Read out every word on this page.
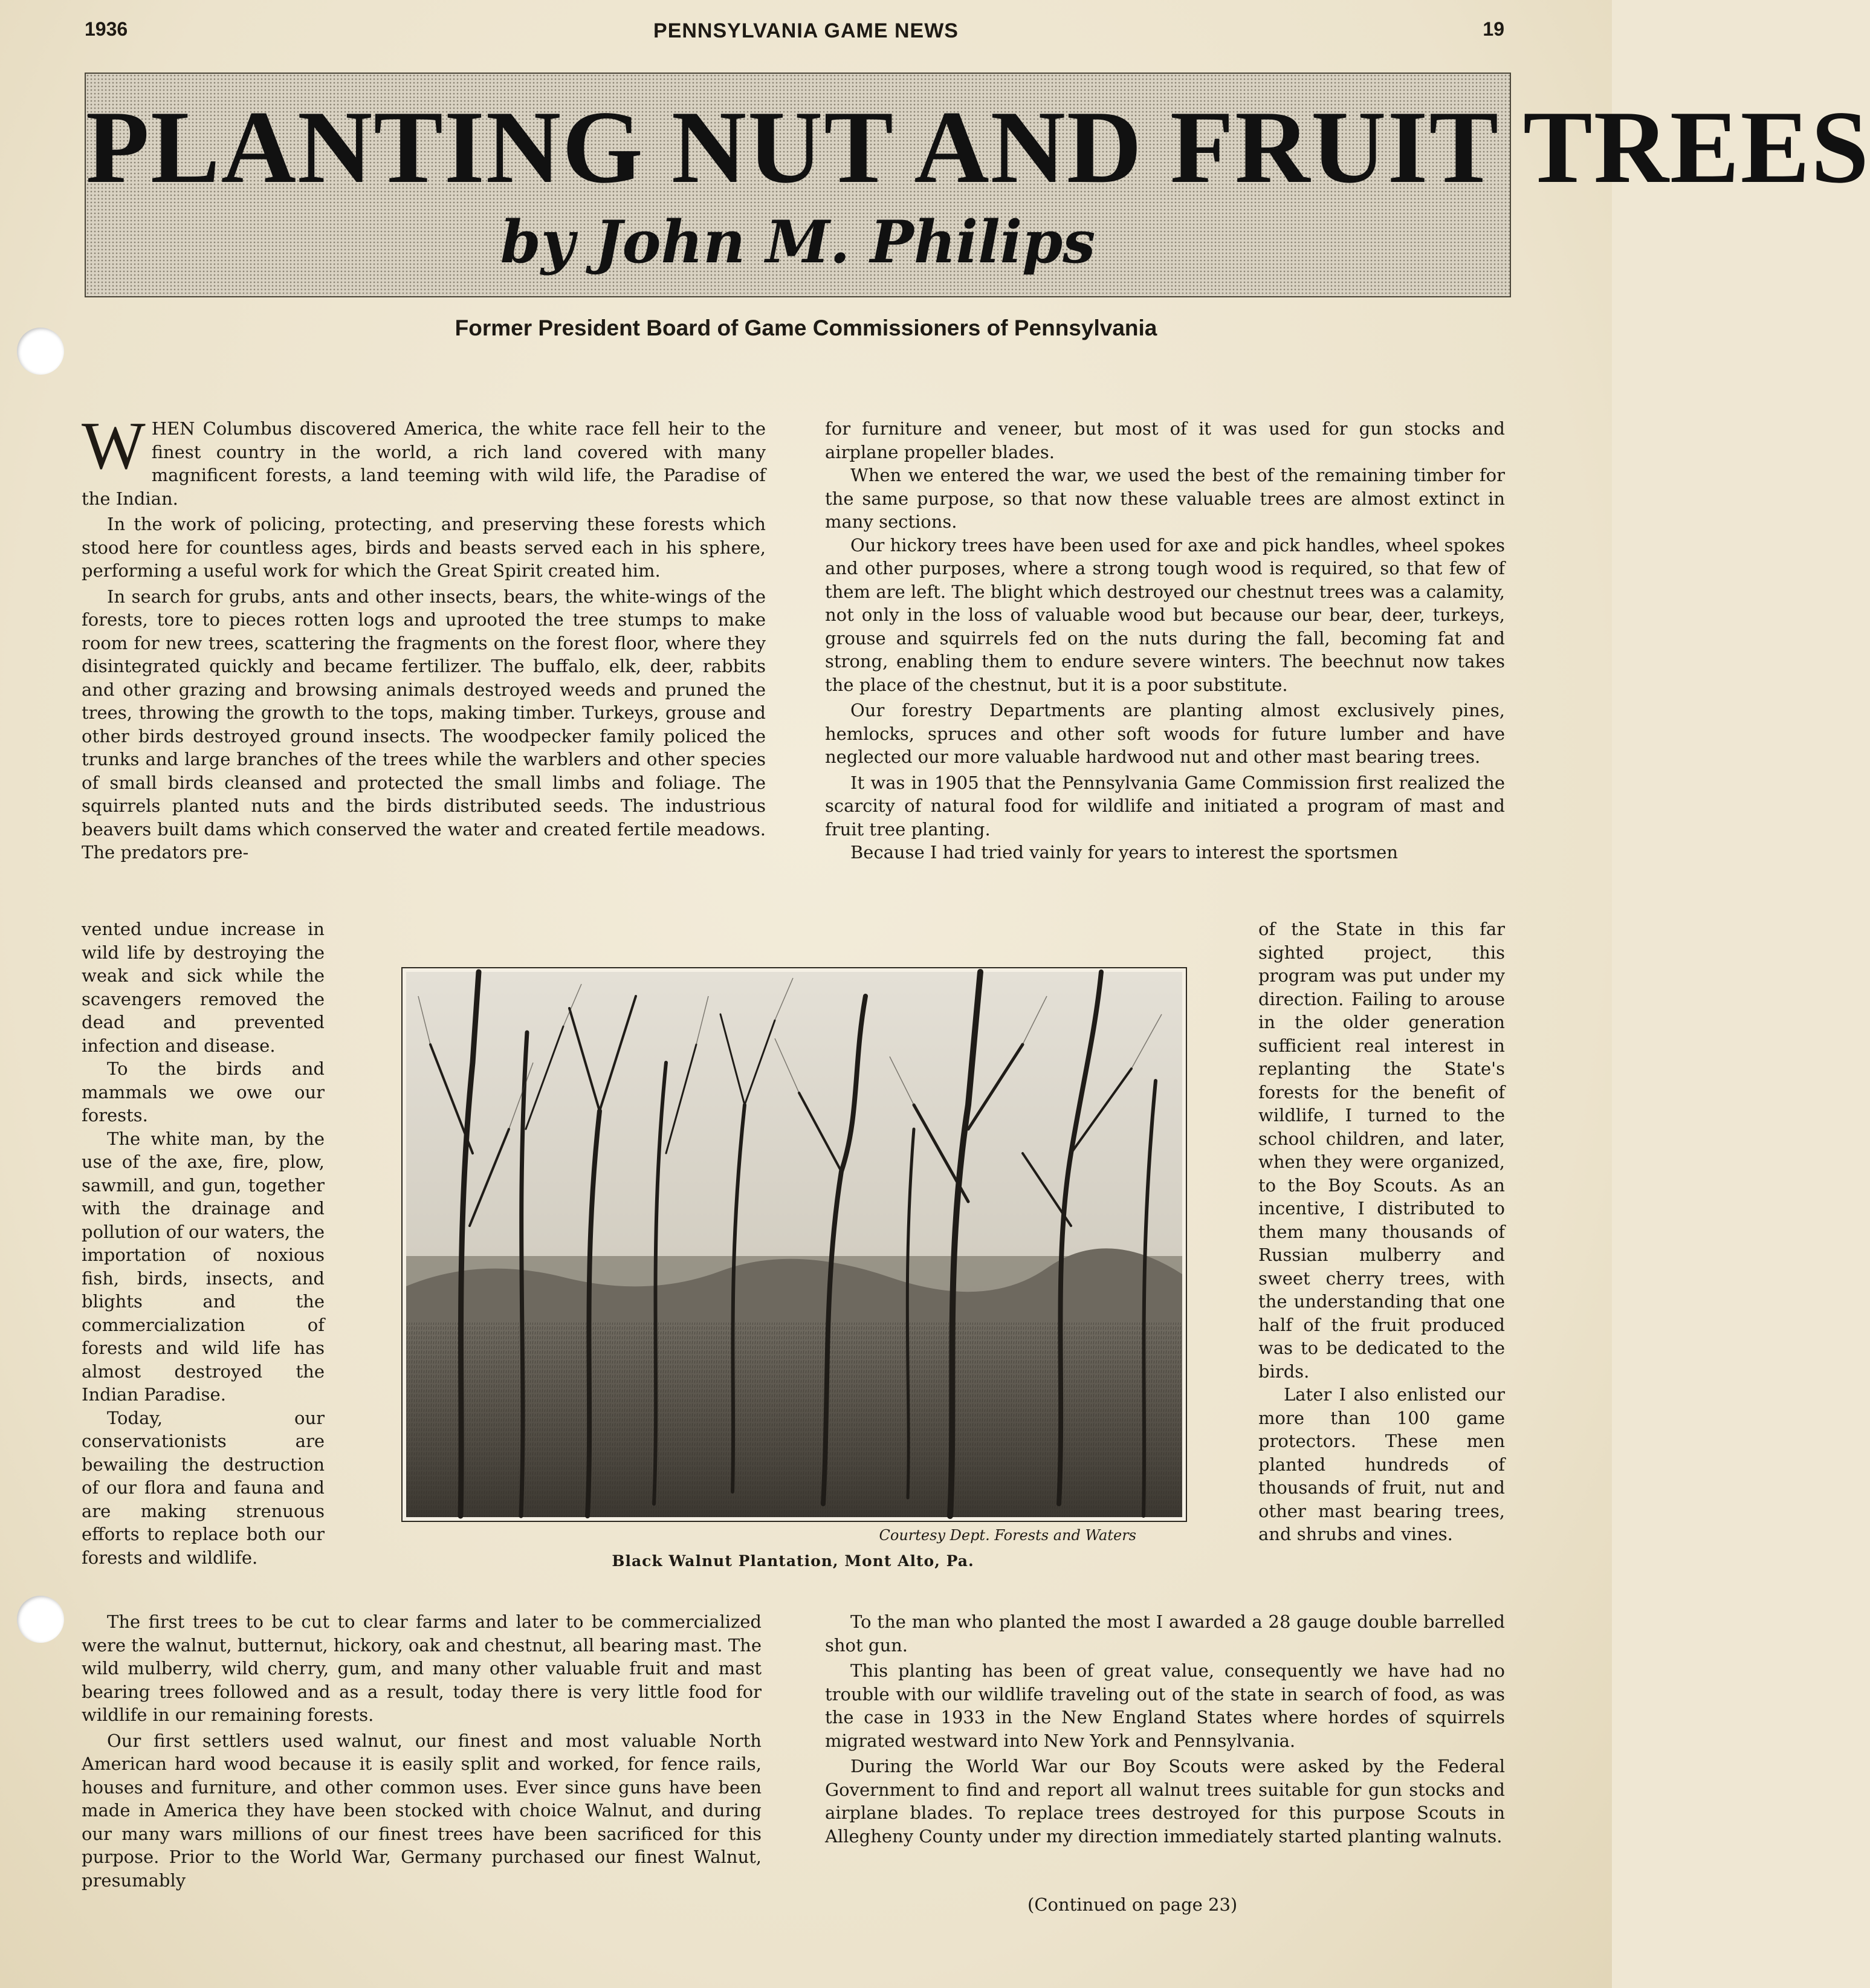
1936	PENNSYLVANIA GAME NEWS	19
PLANTING NUT AND FRUIT TREES
by John M. Philips
Former President Board of Game Commissioners of Pennsylvania

WHEN Columbus discovered America, the white race fell heir to the finest country in the world, a rich land covered with many magnificent forests, a land teeming with wild life, the Paradise of the Indian.

In the work of policing, protecting, and preserving these forests which stood here for countless ages, birds and beasts served each in his sphere, performing a useful work for which the Great Spirit created him.

In search for grubs, ants and other insects, bears, the white-wings of the forests, tore to pieces rotten logs and uprooted the tree stumps to make room for new trees, scattering the fragments on the forest floor, where they disintegrated quickly and became fertilizer. The buffalo, elk, deer, rabbits and other grazing and browsing animals destroyed weeds and pruned the trees, throwing the growth to the tops, making timber. Turkeys, grouse and other birds destroyed ground insects. The woodpecker family policed the trunks and large branches of the trees while the warblers and other species of small birds cleansed and protected the small limbs and foliage. The squirrels planted nuts and the birds distributed seeds. The industrious beavers built dams which conserved the water and created fertile meadows. The predators pre-

vented undue increase in wild life by destroying the weak and sick while the scavengers removed the dead and prevented infection and disease.

To the birds and mammals we owe our forests.

The white man, by the use of the axe, fire, plow, sawmill, and gun, together with the drainage and pollution of our waters, the importation of noxious fish, birds, insects, and blights and the commercialization of forests and wild life has almost destroyed the Indian Paradise.

Today, our conservationists are bewailing the destruction of our flora and fauna and are making strenuous efforts to replace both our forests and wildlife.

The first trees to be cut to clear farms and later to be commercialized were the walnut, butternut, hickory, oak and chestnut, all bearing mast. The wild mulberry, wild cherry, gum, and many other valuable fruit and mast bearing trees followed and as a result, today there is very little food for wildlife in our remaining forests.

Our first settlers used walnut, our finest and most valuable North American hard wood because it is easily split and worked, for fence rails, houses and furniture, and other common uses. Ever since guns have been made in America they have been stocked with choice Walnut, and during our many wars millions of our finest trees have been sacrificed for this purpose. Prior to the World War, Germany purchased our finest Walnut, presumably

for furniture and veneer, but most of it was used for gun stocks and airplane propeller blades.

When we entered the war, we used the best of the remaining timber for the same purpose, so that now these valuable trees are almost extinct in many sections.

Our hickory trees have been used for axe and pick handles, wheel spokes and other purposes, where a strong tough wood is required, so that few of them are left. The blight which destroyed our chestnut trees was a calamity, not only in the loss of valuable wood but because our bear, deer, turkeys, grouse and squirrels fed on the nuts during the fall, becoming fat and strong, enabling them to endure severe winters. The beechnut now takes the place of the chestnut, but it is a poor substitute.

Our forestry Departments are planting almost exclusively pines, hemlocks, spruces and other soft woods for future lumber and have neglected our more valuable hardwood nut and other mast bearing trees.

It was in 1905 that the Pennsylvania Game Commission first realized the scarcity of natural food for wildlife and initiated a program of mast and fruit tree planting.

Because I had tried vainly for years to interest the sportsmen

of the State in this far sighted project, this program was put under my direction. Failing to arouse in the older generation sufficient real interest in replanting the State's forests for the benefit of wildlife, I turned to the school children, and later, when they were organized, to the Boy Scouts. As an incentive, I distributed to them many thousands of Russian mulberry and sweet cherry trees, with the understanding that one half of the fruit produced was to be dedicated to the birds.

Later I also enlisted our more than 100 game protectors. These men planted hundreds of thousands of fruit, nut and other mast bearing trees, and shrubs and vines.

To the man who planted the most I awarded a 28 gauge double barrelled shot gun.

This planting has been of great value, consequently we have had no trouble with our wildlife traveling out of the state in search of food, as was the case in 1933 in the New England States where hordes of squirrels migrated westward into New York and Pennsylvania.

During the World War our Boy Scouts were asked by the Federal Government to find and report all walnut trees suitable for gun stocks and airplane blades. To replace trees destroyed for this purpose Scouts in Allegheny County under my direction immediately started planting walnuts.

(Continued on page 23)
Courtesy Dept. Forests and Waters
Black Walnut Plantation, Mont Alto, Pa.
